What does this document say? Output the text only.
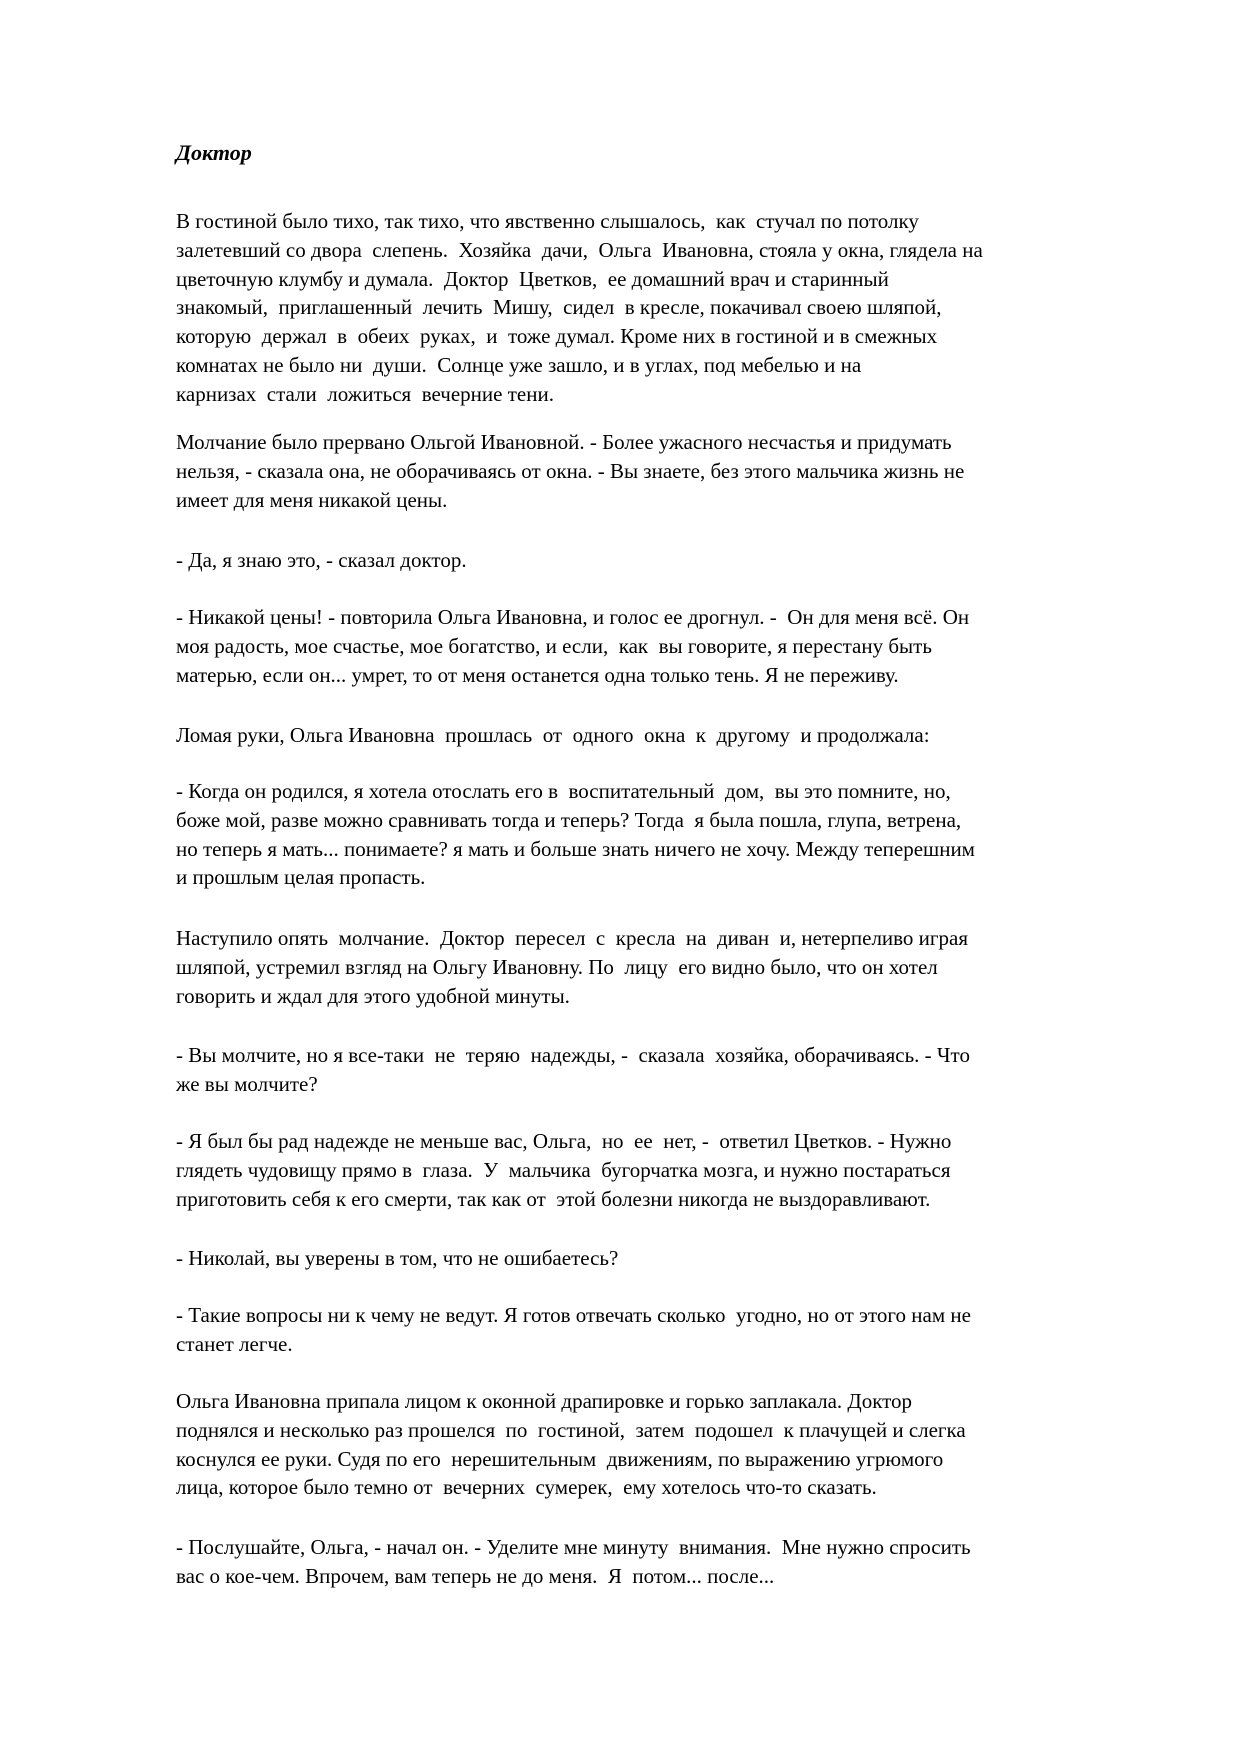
Доктор

В гостиной было тихо, так тихо, что явственно слышалось,  как  стучал по потолку
залетевший со двора  слепень.  Хозяйка  дачи,  Ольга  Ивановна, стояла у окна, глядела на
цветочную клумбу и думала.  Доктор  Цветков,  ее домашний врач и старинный
знакомый,  приглашенный  лечить  Мишу,  сидел  в кресле, покачивал своею шляпой,
которую  держал  в  обеих  руках,  и  тоже думал. Кроме них в гостиной и в смежных
комнатах не было ни  души.  Солнце уже зашло, и в углах, под мебелью и на
карнизах  стали  ложиться  вечерние тени.

Молчание было прервано Ольгой Ивановной. - Более ужасного несчастья и придумать
нельзя, - сказала она, не оборачиваясь от окна. - Вы знаете, без этого мальчика жизнь не
имеет для меня никакой цены.

- Да, я знаю это, - сказал доктор.

- Никакой цены! - повторила Ольга Ивановна, и голос ее дрогнул. -  Он для меня всё. Он
моя радость, мое счастье, мое богатство, и если,  как  вы говорите, я перестану быть
матерью, если он... умрет, то от меня останется одна только тень. Я не переживу.

Ломая руки, Ольга Ивановна  прошлась  от  одного  окна  к  другому  и продолжала:

- Когда он родился, я хотела отослать его в  воспитательный  дом,  вы это помните, но,
боже мой, разве можно сравнивать тогда и теперь? Тогда  я была пошла, глупа, ветрена,
но теперь я мать... понимаете? я мать и больше знать ничего не хочу. Между теперешним
и прошлым целая пропасть.

Наступило опять  молчание.  Доктор  пересел  с  кресла  на  диван  и, нетерпеливо играя
шляпой, устремил взгляд на Ольгу Ивановну. По  лицу  его видно было, что он хотел
говорить и ждал для этого удобной минуты.

- Вы молчите, но я все-таки  не  теряю  надежды, -  сказала  хозяйка, оборачиваясь. - Что
же вы молчите?

- Я был бы рад надежде не меньше вас, Ольга,  но  ее  нет, -  ответил Цветков. - Нужно
глядеть чудовищу прямо в  глаза.  У  мальчика  бугорчатка мозга, и нужно постараться
приготовить себя к его смерти, так как от  этой болезни никогда не выздоравливают.

- Николай, вы уверены в том, что не ошибаетесь?

- Такие вопросы ни к чему не ведут. Я готов отвечать сколько  угодно, но от этого нам не
станет легче.

Ольга Ивановна припала лицом к оконной драпировке и горько заплакала. Доктор
поднялся и несколько раз прошелся  по  гостиной,  затем  подошел  к плачущей и слегка
коснулся ее руки. Судя по его  нерешительным  движениям, по выражению угрюмого
лица, которое было темно от  вечерних  сумерек,  ему хотелось что-то сказать.

- Послушайте, Ольга, - начал он. - Уделите мне минуту  внимания.  Мне нужно спросить
вас о кое-чем. Впрочем, вам теперь не до меня.  Я  потом... после...
